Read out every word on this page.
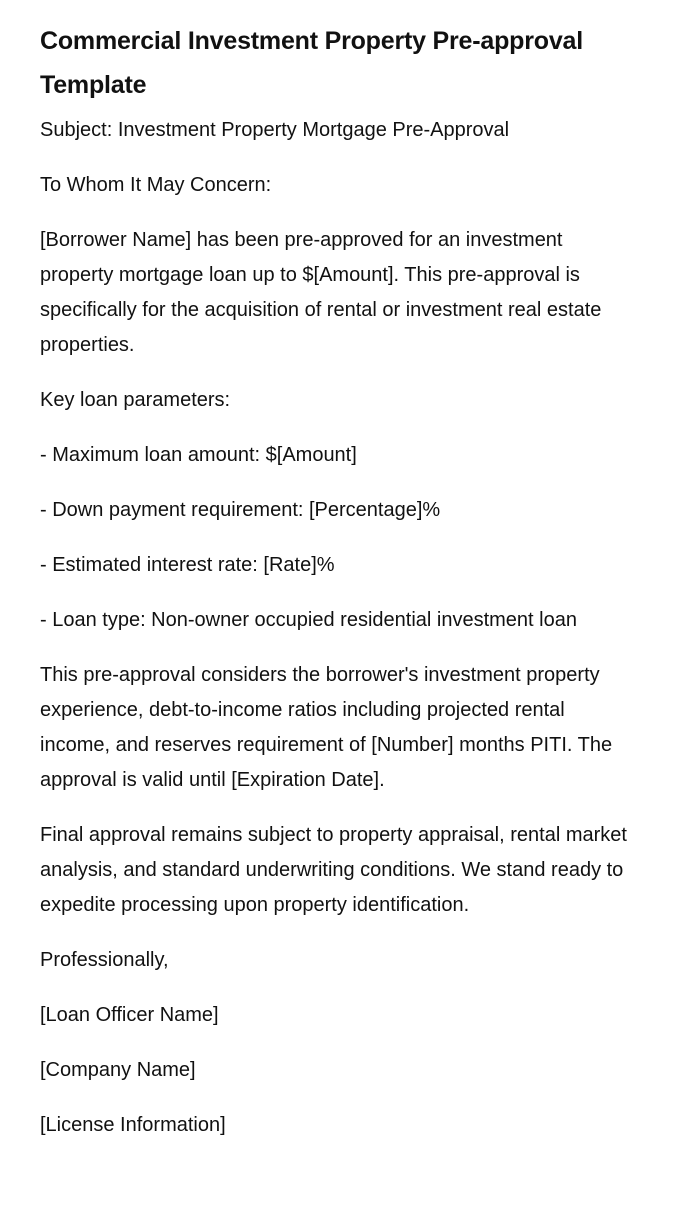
Commercial Investment Property Pre-approval Template

Subject: Investment Property Mortgage Pre-Approval

To Whom It May Concern:

[Borrower Name] has been pre-approved for an investment property mortgage loan up to $[Amount]. This pre-approval is specifically for the acquisition of rental or investment real estate properties.

Key loan parameters:

- Maximum loan amount: $[Amount]

- Down payment requirement: [Percentage]%

- Estimated interest rate: [Rate]%

- Loan type: Non-owner occupied residential investment loan

This pre-approval considers the borrower's investment property experience, debt-to-income ratios including projected rental income, and reserves requirement of [Number] months PITI. The approval is valid until [Expiration Date].

Final approval remains subject to property appraisal, rental market analysis, and standard underwriting conditions. We stand ready to expedite processing upon property identification.

Professionally,

[Loan Officer Name]

[Company Name]

[License Information]
